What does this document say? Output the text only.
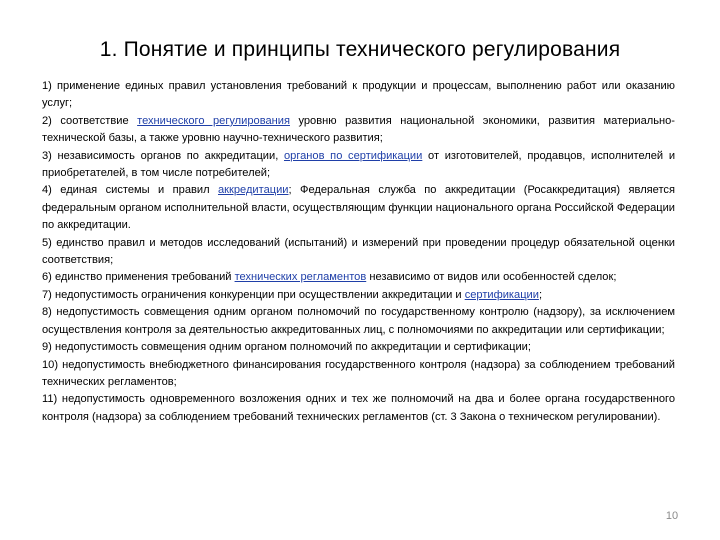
1. Понятие и принципы технического регулирования

1) применение единых правил установления требований к продукции и процессам, выполнению работ или оказанию услуг;

2) соответствие технического регулирования уровню развития национальной экономики, развития материально-технической базы, а также уровню научно-технического развития;

3) независимость органов по аккредитации, органов по сертификации от изготовителей, продавцов, исполнителей и приобретателей, в том числе потребителей;

4) единая системы и правил аккредитации; Федеральная служба по аккредитации (Росаккредитация) является федеральным органом исполнительной власти, осуществляющим функции национального органа Российской Федерации по аккредитации.

5) единство правил и методов исследований (испытаний) и измерений при проведении процедур обязательной оценки соответствия;

6) единство применения требований технических регламентов независимо от видов или особенностей сделок;

7) недопустимость ограничения конкуренции при осуществлении аккредитации и сертификации;

8) недопустимость совмещения одним органом полномочий по государственному контролю (надзору), за исключением осуществления контроля за деятельностью аккредитованных лиц, с полномочиями по аккредитации или сертификации;

9) недопустимость совмещения одним органом полномочий по аккредитации и сертификации;

10) недопустимость внебюджетного финансирования государственного контроля (надзора) за соблюдением требований технических регламентов;

11) недопустимость одновременного возложения одних и тех же полномочий на два и более органа государственного контроля (надзора) за соблюдением требований технических регламентов (ст. 3 Закона о техническом регулировании).

10
